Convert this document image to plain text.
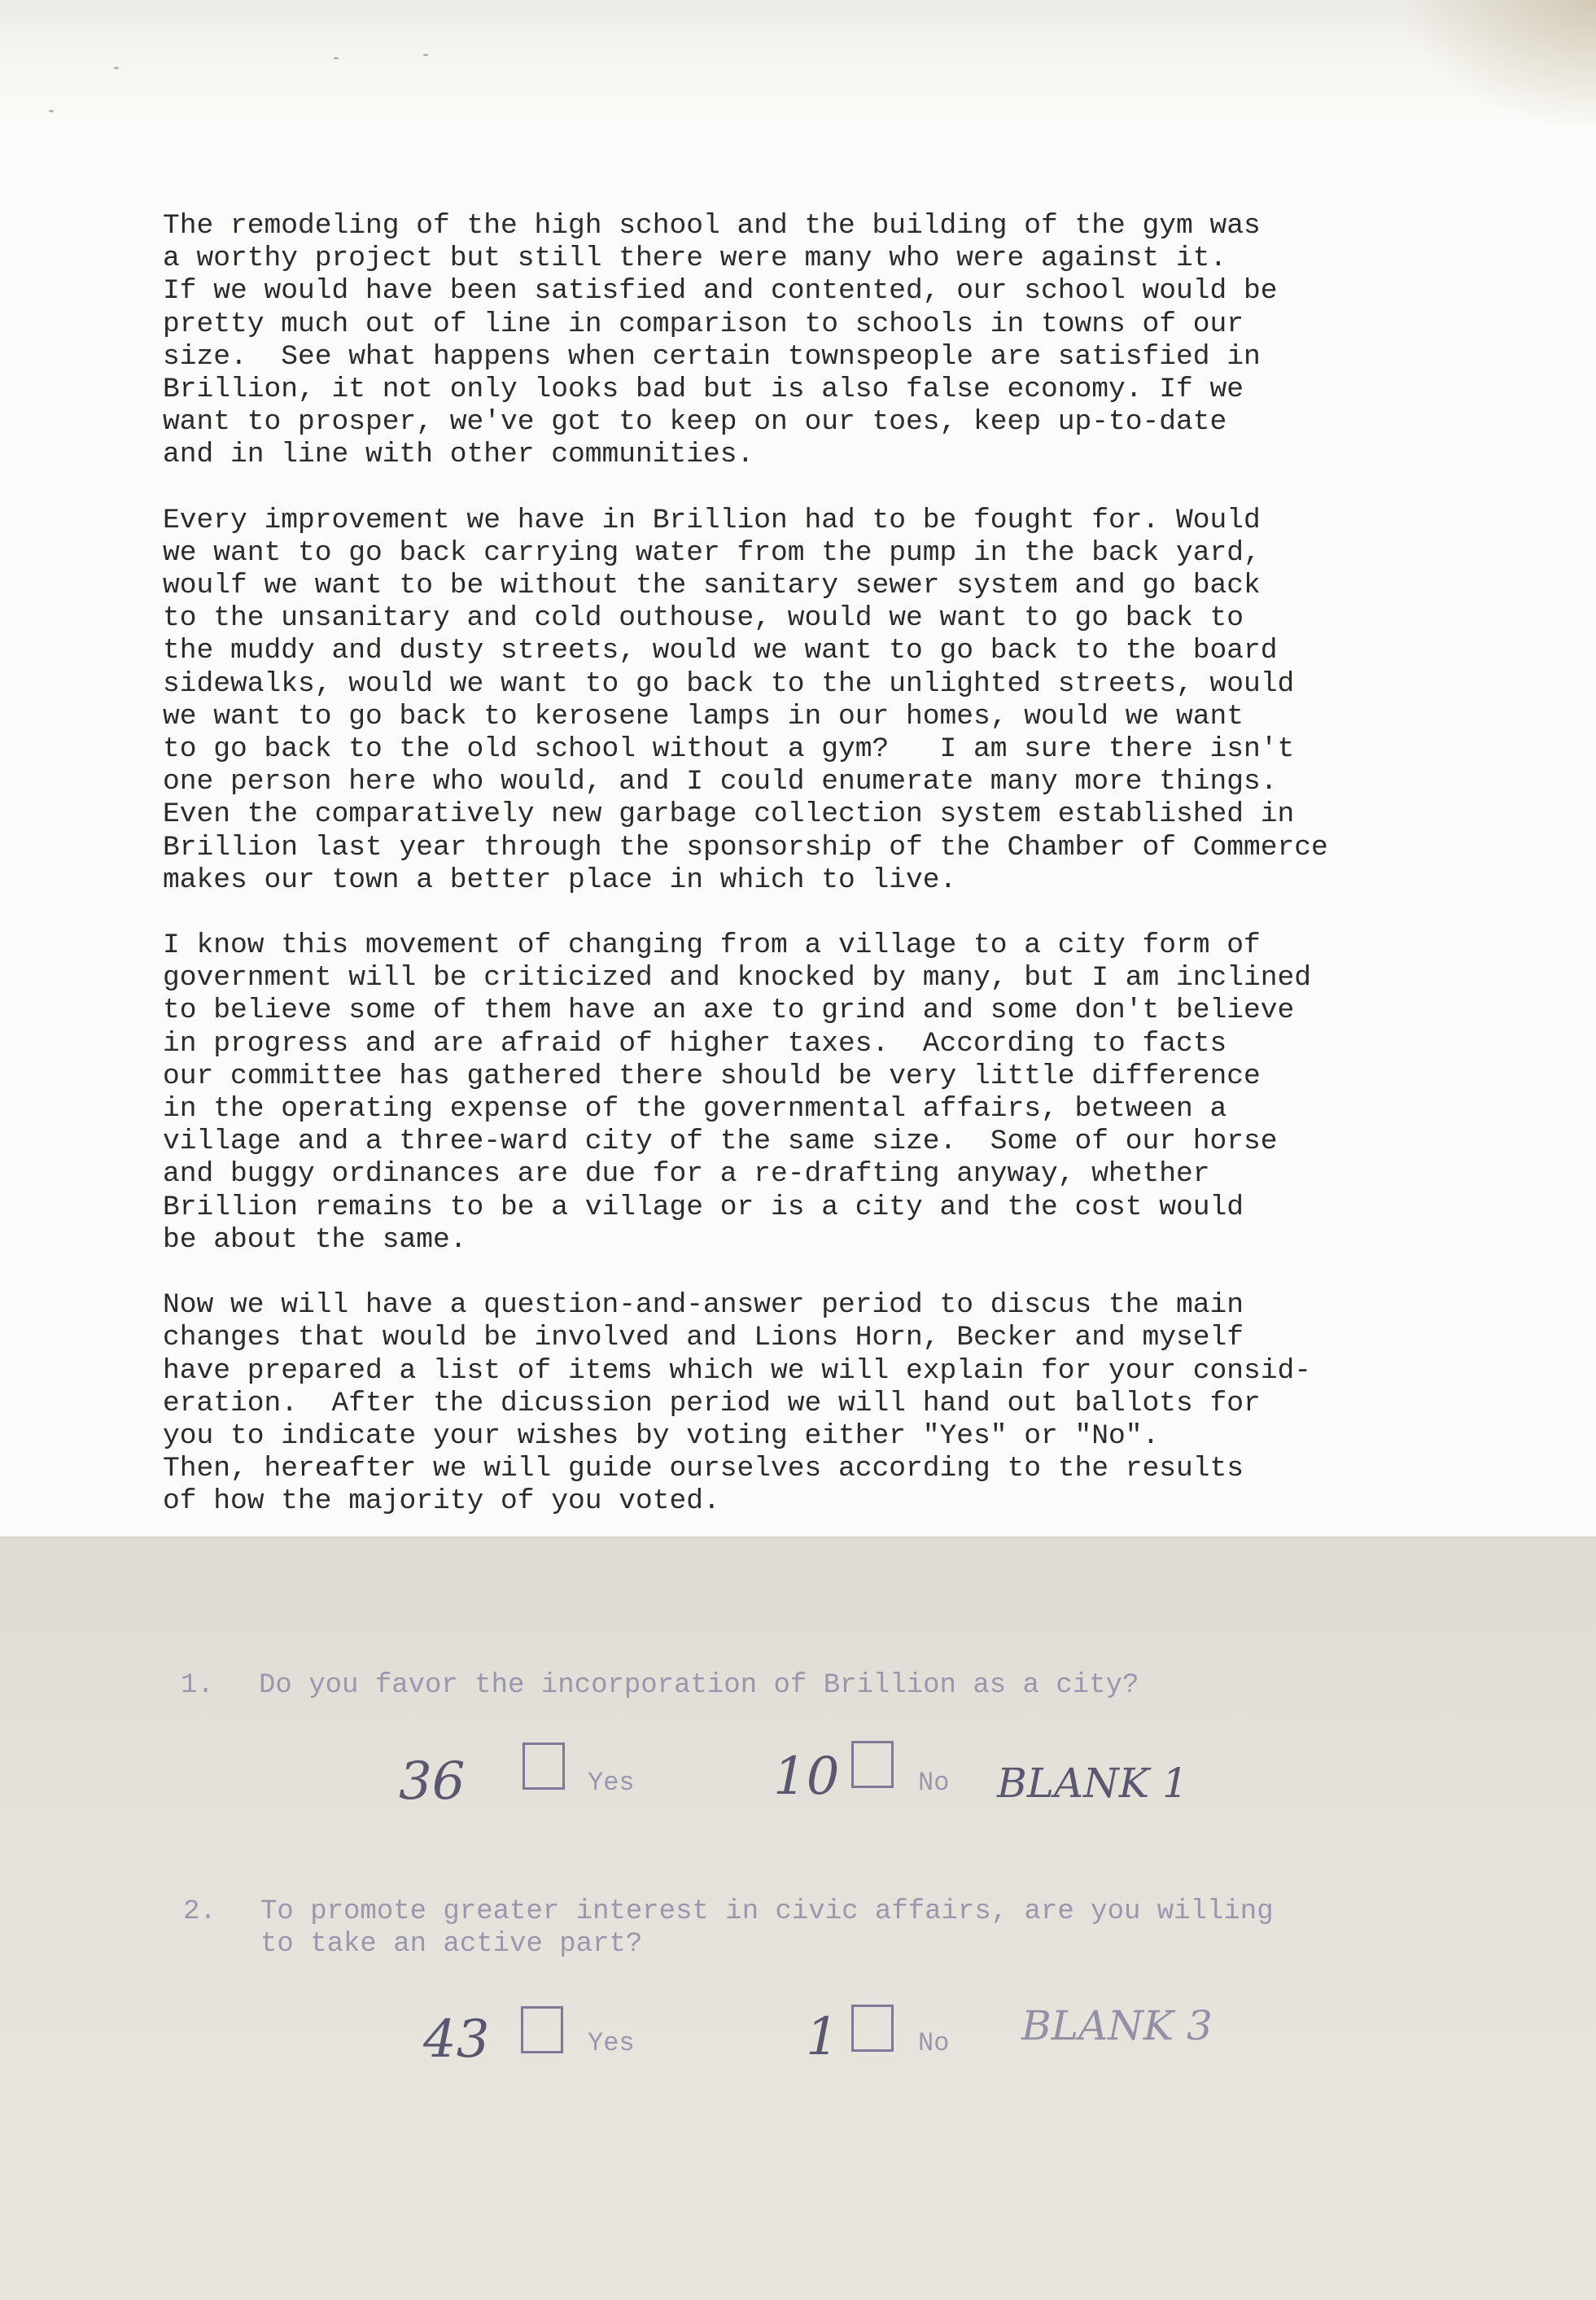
The remodeling of the high school and the building of the gym was
a worthy project but still there were many who were against it.
If we would have been satisfied and contented, our school would be
pretty much out of line in comparison to schools in towns of our
size.  See what happens when certain townspeople are satisfied in
Brillion, it not only looks bad but is also false economy. If we
want to prosper, we've got to keep on our toes, keep up-to-date
and in line with other communities.

Every improvement we have in Brillion had to be fought for. Would
we want to go back carrying water from the pump in the back yard,
woulf we want to be without the sanitary sewer system and go back
to the unsanitary and cold outhouse, would we want to go back to
the muddy and dusty streets, would we want to go back to the board
sidewalks, would we want to go back to the unlighted streets, would
we want to go back to kerosene lamps in our homes, would we want
to go back to the old school without a gym?   I am sure there isn't
one person here who would, and I could enumerate many more things.
Even the comparatively new garbage collection system established in
Brillion last year through the sponsorship of the Chamber of Commerce
makes our town a better place in which to live.

I know this movement of changing from a village to a city form of
government will be criticized and knocked by many, but I am inclined
to believe some of them have an axe to grind and some don't believe
in progress and are afraid of higher taxes.  According to facts
our committee has gathered there should be very little difference
in the operating expense of the governmental affairs, between a
village and a three-ward city of the same size.  Some of our horse
and buggy ordinances are due for a re-drafting anyway, whether
Brillion remains to be a village or is a city and the cost would
be about the same.

Now we will have a question-and-answer period to discus the main
changes that would be involved and Lions Horn, Becker and myself
have prepared a list of items which we will explain for your consid-
eration.  After the dicussion period we will hand out ballots for
you to indicate your wishes by voting either "Yes" or "No".
Then, hereafter we will guide ourselves according to the results
of how the majority of you voted.

1. Do you favor the incorporation of Brillion as a city?
36	Yes	10	No BLANK 1
2. To promote greater interest in civic affairs, are you willing
to take an active part?
43	Yes	1	No BLANK 3
